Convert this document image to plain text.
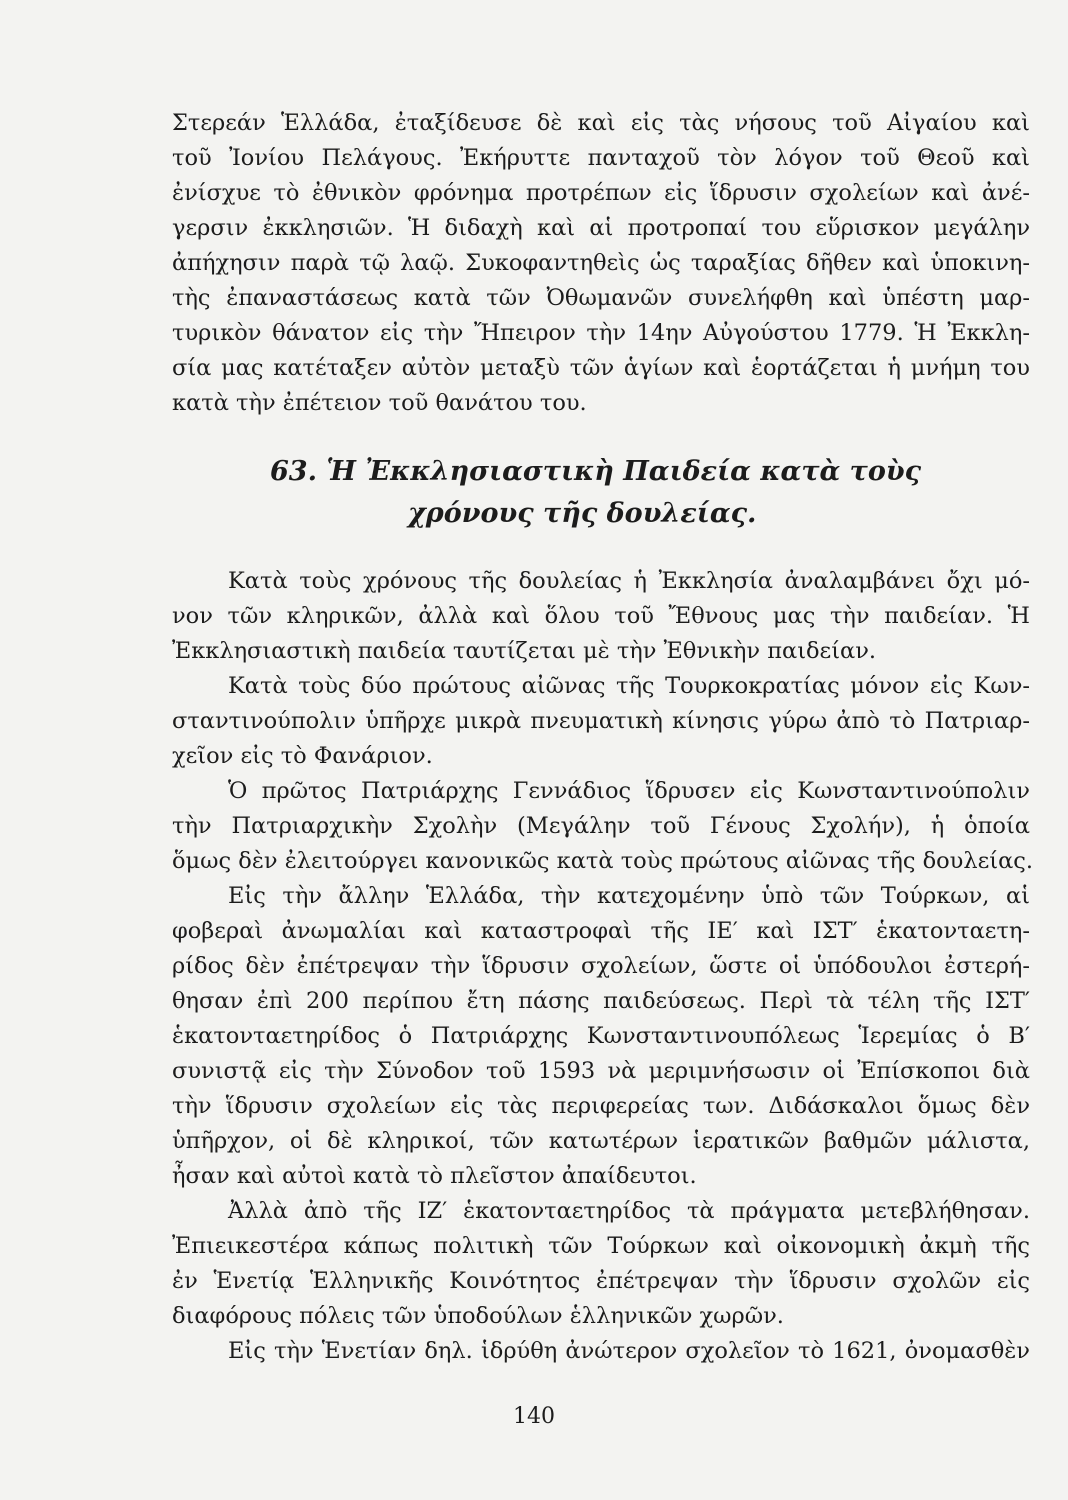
Στερεάν Ἑλλάδα, ἐταξίδευσε δὲ καὶ εἰς τὰς νήσους τοῦ Αἰγαίου καὶ
τοῦ Ἰονίου Πελάγους. Ἐκήρυττε πανταχοῦ τὸν λόγον τοῦ Θεοῦ καὶ
ἐνίσχυε τὸ ἐθνικὸν φρόνημα προτρέπων εἰς ἵδρυσιν σχολείων καὶ ἀνέ-
γερσιν ἐκκλησιῶν. Ἡ διδαχὴ καὶ αἱ προτροπαί του εὕρισκον μεγάλην
ἀπήχησιν παρὰ τῷ λαῷ. Συκοφαντηθεὶς ὡς ταραξίας δῆθεν καὶ ὑποκινη-
τὴς ἐπαναστάσεως κατὰ τῶν Ὀθωμανῶν συνελήφθη καὶ ὑπέστη μαρ-
τυρικὸν θάνατον εἰς τὴν Ἤπειρον τὴν 14ην Αὐγούστου 1779. Ἡ Ἐκκλη-
σία μας κατέταξεν αὐτὸν μεταξὺ τῶν ἁγίων καὶ ἑορτάζεται ἡ μνήμη του
κατὰ τὴν ἐπέτειον τοῦ θανάτου του.
63. Ἡ Ἐκκλησιαστικὴ Παιδεία κατὰ τοὺς
χρόνους τῆς δουλείας.
Κατὰ τοὺς χρόνους τῆς δουλείας ἡ Ἐκκλησία ἀναλαμβάνει ὄχι μό-
νον τῶν κληρικῶν, ἀλλὰ καὶ ὅλου τοῦ Ἔθνους μας τὴν παιδείαν. Ἡ
Ἐκκλησιαστικὴ παιδεία ταυτίζεται μὲ τὴν Ἐθνικὴν παιδείαν.
Κατὰ τοὺς δύο πρώτους αἰῶνας τῆς Τουρκοκρατίας μόνον εἰς Κων-
σταντινούπολιν ὑπῆρχε μικρὰ πνευματικὴ κίνησις γύρω ἀπὸ τὸ Πατριαρ-
χεῖον εἰς τὸ Φανάριον.
Ὁ πρῶτος Πατριάρχης Γεννάδιος ἵδρυσεν εἰς Κωνσταντινούπολιν
τὴν Πατριαρχικὴν Σχολὴν (Μεγάλην τοῦ Γένους Σχολήν), ἡ ὁποία
ὅμως δὲν ἐλειτούργει κανονικῶς κατὰ τοὺς πρώτους αἰῶνας τῆς δουλείας.
Εἰς τὴν ἄλλην Ἑλλάδα, τὴν κατεχομένην ὑπὸ τῶν Τούρκων, αἱ
φοβεραὶ ἀνωμαλίαι καὶ καταστροφαὶ τῆς ΙΕ′ καὶ ΙΣΤ′ ἑκατονταετη-
ρίδος δὲν ἐπέτρεψαν τὴν ἵδρυσιν σχολείων, ὥστε οἱ ὑπόδουλοι ἐστερή-
θησαν ἐπὶ 200 περίπου ἔτη πάσης παιδεύσεως. Περὶ τὰ τέλη τῆς ΙΣΤ′
ἑκατονταετηρίδος ὁ Πατριάρχης Κωνσταντινουπόλεως Ἱερεμίας ὁ Β′
συνιστᾷ εἰς τὴν Σύνοδον τοῦ 1593 νὰ μεριμνήσωσιν οἱ Ἐπίσκοποι διὰ
τὴν ἵδρυσιν σχολείων εἰς τὰς περιφερείας των. Διδάσκαλοι ὅμως δὲν
ὑπῆρχον, οἱ δὲ κληρικοί, τῶν κατωτέρων ἱερατικῶν βαθμῶν μάλιστα,
ἦσαν καὶ αὐτοὶ κατὰ τὸ πλεῖστον ἀπαίδευτοι.
Ἀλλὰ ἀπὸ τῆς ΙΖ′ ἑκατονταετηρίδος τὰ πράγματα μετεβλήθησαν.
Ἐπιεικεστέρα κάπως πολιτικὴ τῶν Τούρκων καὶ οἰκονομικὴ ἀκμὴ τῆς
ἐν Ἑνετίᾳ Ἑλληνικῆς Κοινότητος ἐπέτρεψαν τὴν ἵδρυσιν σχολῶν εἰς
διαφόρους πόλεις τῶν ὑποδούλων ἑλληνικῶν χωρῶν.
Εἰς τὴν Ἑνετίαν δηλ. ἱδρύθη ἀνώτερον σχολεῖον τὸ 1621, ὀνομασθὲν
140
